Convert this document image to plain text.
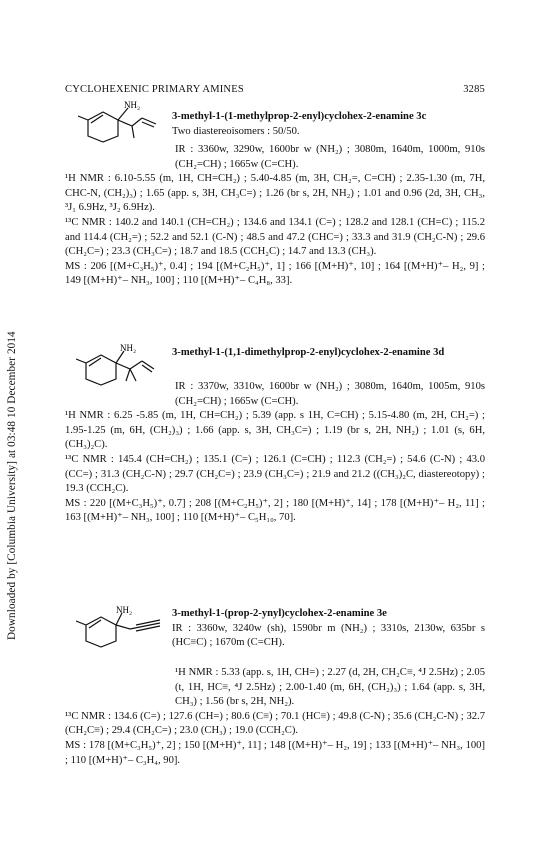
Downloaded by [Columbia University] at 03:48 10 December 2014
CYCLOHEXENIC PRIMARY AMINES	3285
NH₂
NH₂
NH₂

3-methyl-1-(1-methylprop-2-enyl)cyclohex-2-enamine 3c

Two diastereoisomers : 50/50.

IR : 3360w, 3290w, 1600br w (NH₂) ; 3080m, 1640m, 1000m, 910s (CH₂=CH) ; 1665w (C=CH).

¹H NMR : 6.10-5.55 (m, 1H, CH=CH₂) ; 5.40-4.85 (m, 3H, CH₂=, C=CH) ; 2.35-1.30 (m, 7H, CHC-N, (CH₂)₃) ; 1.65 (app. s, 3H, CH₃C=) ; 1.26 (br s, 2H, NH₂) ; 1.01 and 0.96 (2d, 3H, CH₃, ³J₁ 6.9Hz, ³J₂ 6.9Hz).

¹³C NMR : 140.2 and 140.1 (CH=CH₂) ; 134.6 and 134.1 (C=) ; 128.2 and 128.1 (CH=C) ; 115.2 and 114.4 (CH₂=) ; 52.2 and 52.1 (C-N) ; 48.5 and 47.2 (CHC=) ; 33.3 and 31.9 (CH₂C-N) ; 29.6 (CH₂C=) ; 23.3 (CH₃C=) ; 18.7 and 18.5 (CCH₂C) ; 14.7 and 13.3 (CH₃).

MS : 206 [(M+C₃H₅)⁺, 0.4] ; 194 [(M+C₂H₅)⁺, 1] ; 166 [(M+H)⁺, 10] ; 164 [(M+H)⁺– H₂, 9] ; 149 [(M+H)⁺– NH₃, 100] ; 110 [(M+H)⁺– C₄H₈, 33].

3-methyl-1-(1,1-dimethylprop-2-enyl)cyclohex-2-enamine 3d

IR : 3370w, 3310w, 1600br w (NH₂) ; 3080m, 1640m, 1005m, 910s (CH₂=CH) ; 1665w (C=CH).

¹H NMR : 6.25 -5.85 (m, 1H, CH=CH₂) ; 5.39 (app. s 1H, C=CH) ; 5.15-4.80 (m, 2H, CH₂=) ; 1.95-1.25 (m, 6H, (CH₂)₃) ; 1.66 (app. s, 3H, CH₃C=) ; 1.19 (br s, 2H, NH₂) ; 1.01 (s, 6H, (CH₃)₂C).

¹³C NMR : 145.4 (CH=CH₂) ; 135.1 (C=) ; 126.1 (C=CH) ; 112.3 (CH₂=) ; 54.6 (C-N) ; 43.0 (CC=) ; 31.3 (CH₂C-N) ; 29.7 (CH₂C=) ; 23.9 (CH₃C=) ; 21.9 and 21.2 ((CH₃)₂C, diastereotopy) ; 19.3 (CCH₂C).

MS : 220 [(M+C₃H₅)⁺, 0.7] ; 208 [(M+C₂H₅)⁺, 2] ; 180 [(M+H)⁺, 14] ; 178 [(M+H)⁺– H₂, 11] ; 163 [(M+H)⁺– NH₃, 100] ; 110 [(M+H)⁺– C₅H₁₀, 70].

3-methyl-1-(prop-2-ynyl)cyclohex-2-enamine 3e

IR : 3360w, 3240w (sh), 1590br m (NH₂) ; 3310s, 2130w, 635br s (HC≡C) ; 1670m (C=CH).

¹H NMR : 5.33 (app. s, 1H, CH=) ; 2.27 (d, 2H, CH₂C≡, ⁴J 2.5Hz) ; 2.05 (t, 1H, HC≡, ⁴J 2.5Hz) ; 2.00-1.40 (m, 6H, (CH₂)₃) ; 1.64 (app. s, 3H, CH₃) ; 1.56 (br s, 2H, NH₂).

¹³C NMR : 134.6 (C=) ; 127.6 (CH=) ; 80.6 (C≡) ; 70.1 (HC≡) ; 49.8 (C-N) ; 35.6 (CH₂C-N) ; 32.7 (CH₂C≡) ; 29.4 (CH₂C=) ; 23.0 (CH₃) ; 19.0 (CCH₂C).

MS : 178 [(M+C₃H₅)⁺, 2] ; 150 [(M+H)⁺, 11] ; 148 [(M+H)⁺– H₂, 19] ; 133 [(M+H)⁺– NH₃, 100] ; 110 [(M+H)⁺– C₃H₄, 90].
